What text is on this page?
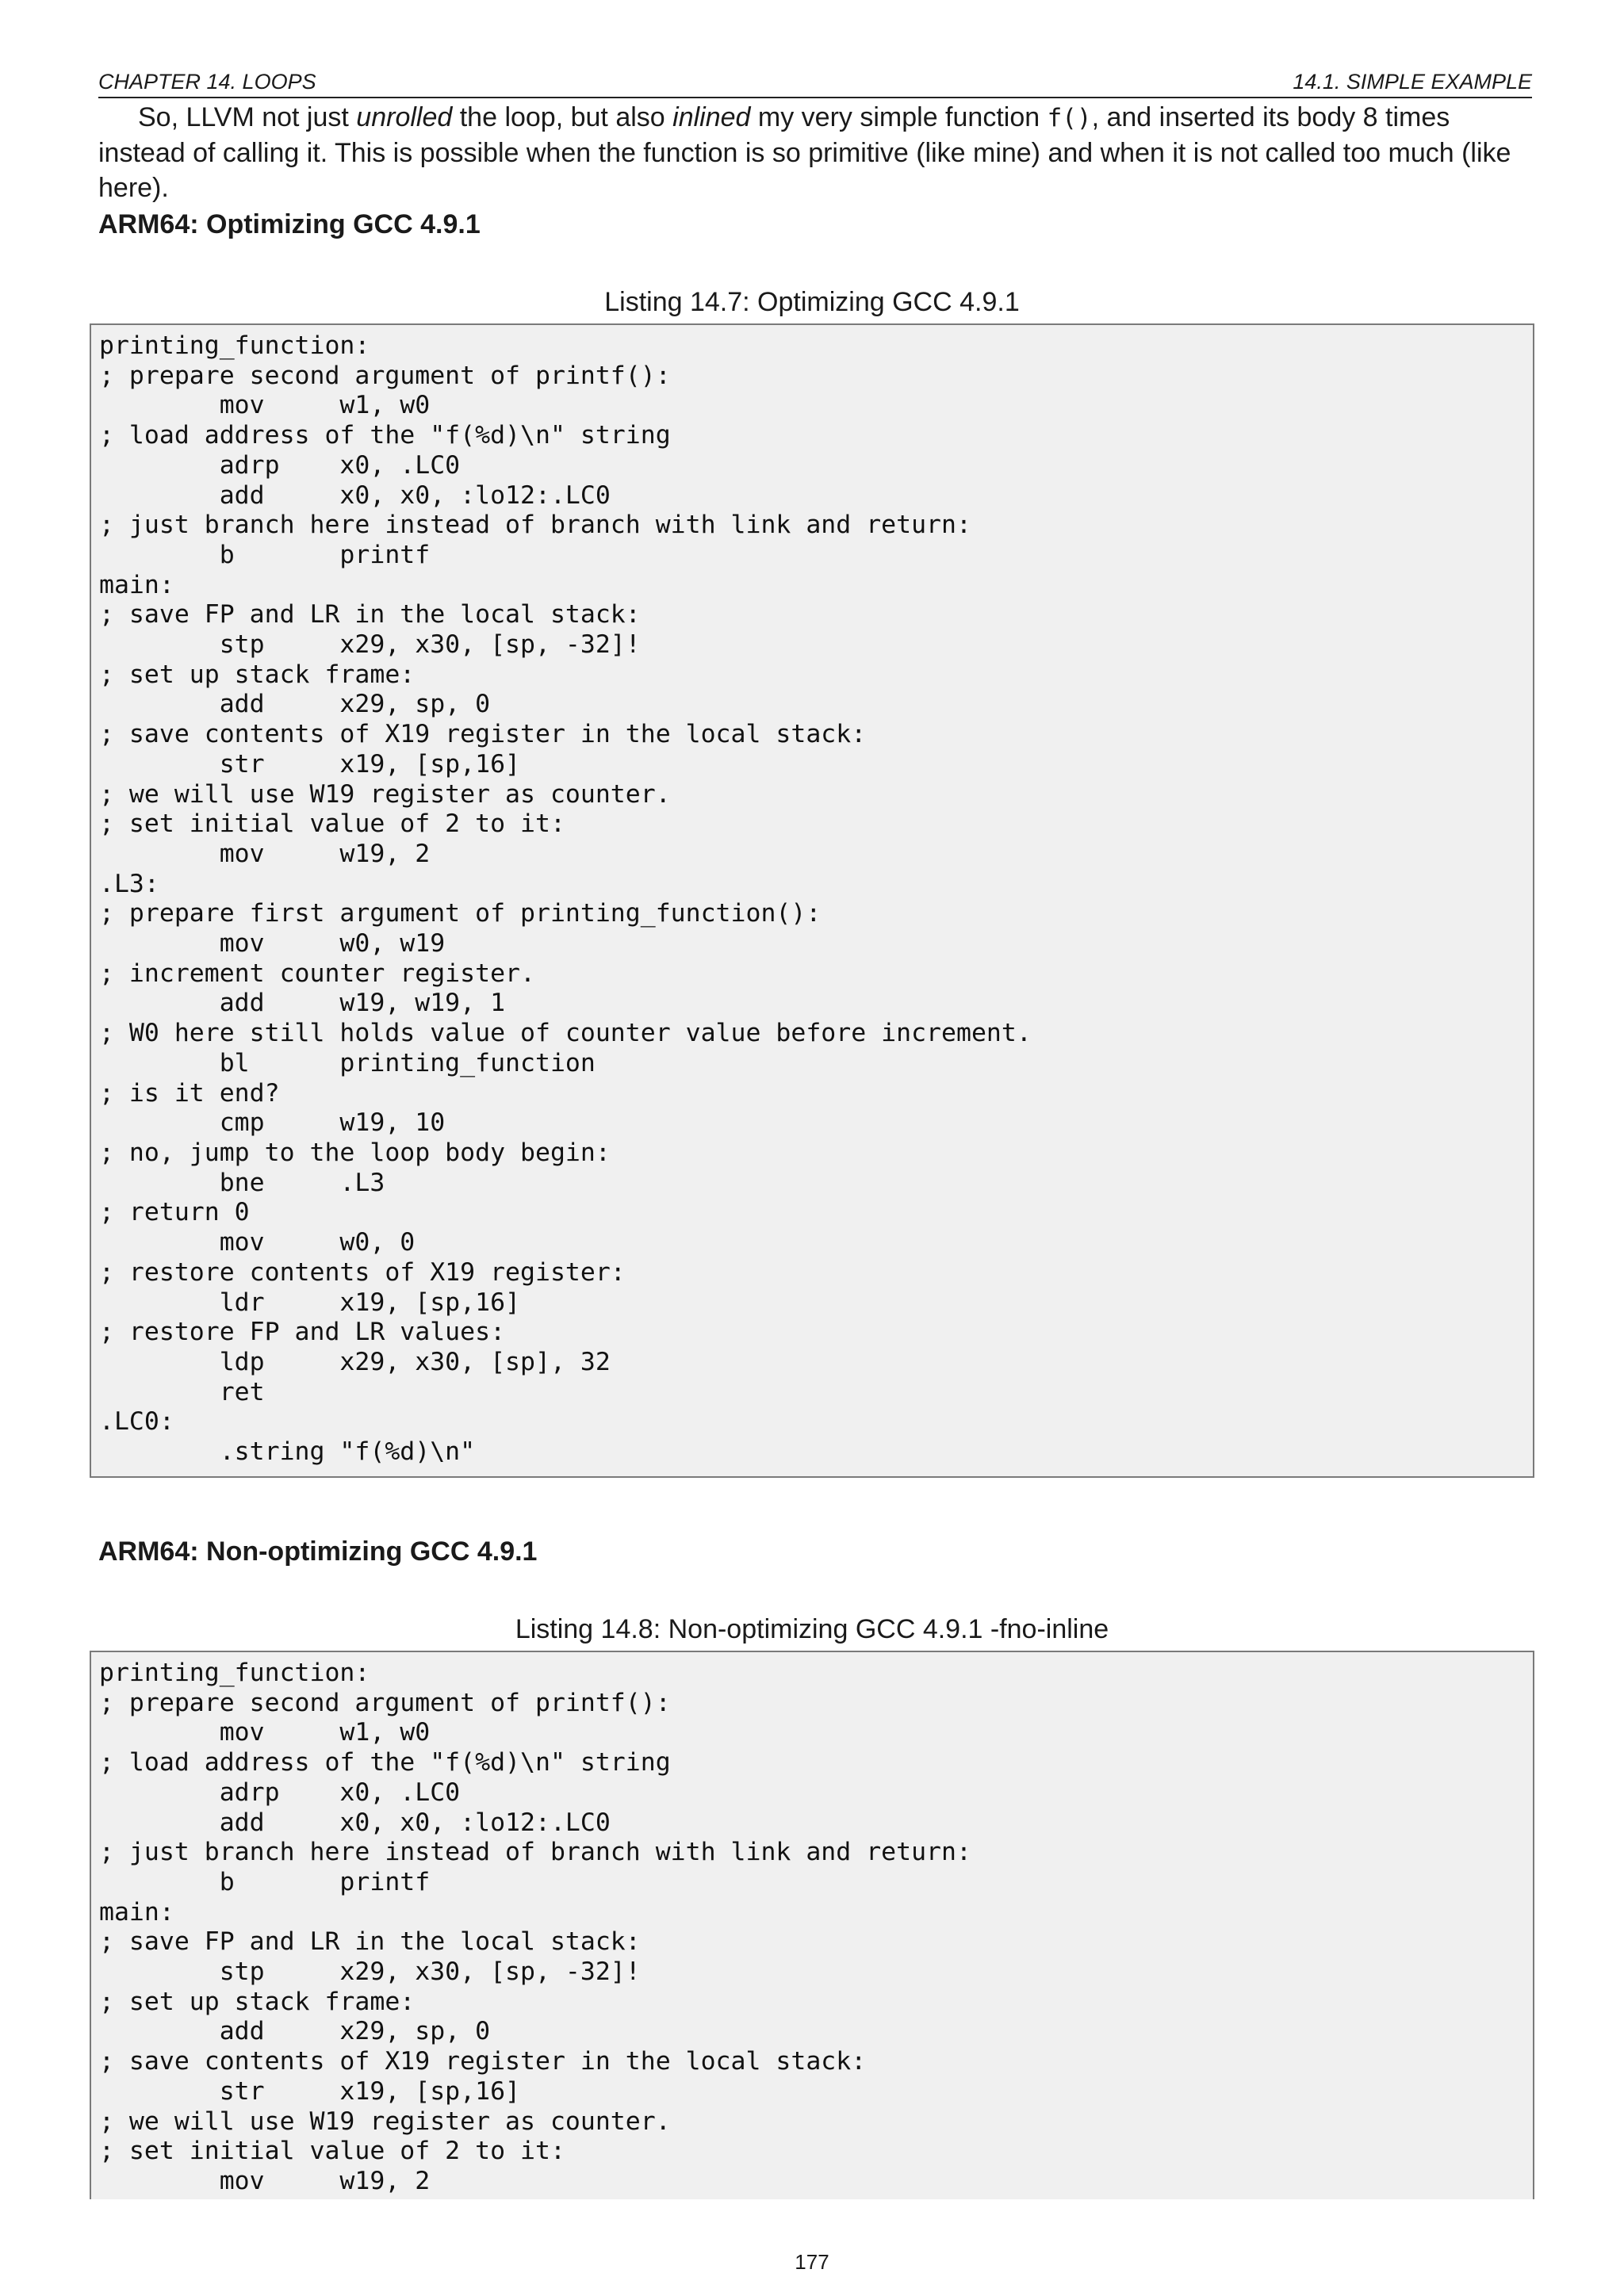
CHAPTER 14. LOOPS	14.1. SIMPLE EXAMPLE

So, LLVM not just unrolled the loop, but also inlined my very simple function f(), and inserted its body 8 times instead of calling it. This is possible when the function is so primitive (like mine) and when it is not called too much (like here).

ARM64: Optimizing GCC 4.9.1
Listing 14.7: Optimizing GCC 4.9.1
printing_function:
; prepare second argument of printf():
mov     w1, w0
; load address of the "f(%d)\n" string
adrp    x0, .LC0
add     x0, x0, :lo12:.LC0
; just branch here instead of branch with link and return:
b       printf
main:
; save FP and LR in the local stack:
stp     x29, x30, [sp, -32]!
; set up stack frame:
add     x29, sp, 0
; save contents of X19 register in the local stack:
str     x19, [sp,16]
; we will use W19 register as counter.
; set initial value of 2 to it:
mov     w19, 2
.L3:
; prepare first argument of printing_function():
mov     w0, w19
; increment counter register.
add     w19, w19, 1
; W0 here still holds value of counter value before increment.
bl      printing_function
; is it end?
cmp     w19, 10
; no, jump to the loop body begin:
bne     .L3
; return 0
mov     w0, 0
; restore contents of X19 register:
ldr     x19, [sp,16]
; restore FP and LR values:
ldp     x29, x30, [sp], 32
ret
.LC0:
.string "f(%d)\n"
ARM64: Non-optimizing GCC 4.9.1
Listing 14.8: Non-optimizing GCC 4.9.1 -fno-inline
printing_function:
; prepare second argument of printf():
mov     w1, w0
; load address of the "f(%d)\n" string
adrp    x0, .LC0
add     x0, x0, :lo12:.LC0
; just branch here instead of branch with link and return:
b       printf
main:
; save FP and LR in the local stack:
stp     x29, x30, [sp, -32]!
; set up stack frame:
add     x29, sp, 0
; save contents of X19 register in the local stack:
str     x19, [sp,16]
; we will use W19 register as counter.
; set initial value of 2 to it:
mov     w19, 2
177
